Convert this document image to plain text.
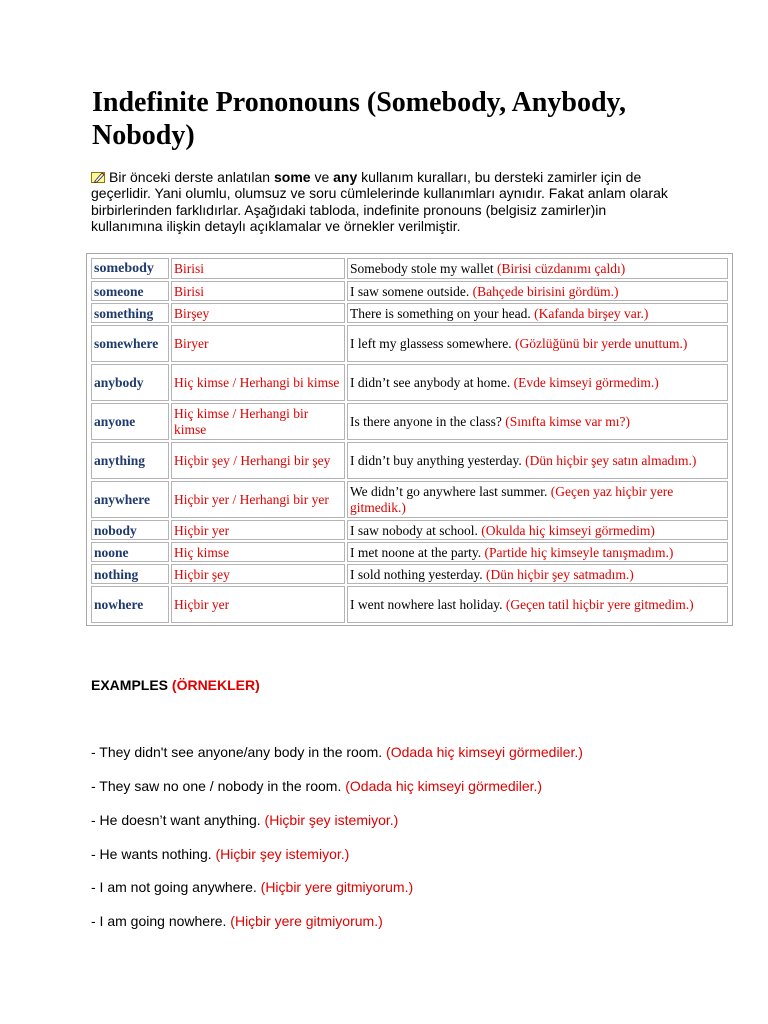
Indefinite Prononouns (Somebody, Anybody, Nobody)
Bir önceki derste anlatılan some ve any kullanım kuralları, bu dersteki zamirler için de geçerlidir. Yani olumlu, olumsuz ve soru cümlelerinde kullanımları aynıdır. Fakat anlam olarak birbirlerinden farklıdırlar. Aşağıdaki tabloda, indefinite pronouns (belgisiz zamirler)in kullanımına ilişkin detaylı açıklamalar ve örnekler verilmiştir.
somebody	Birisi	Somebody stole my wallet (Birisi cüzdanımı çaldı)
someone	Birisi	I saw somene outside. (Bahçede birisini gördüm.)
something	Birşey	There is something on your head. (Kafanda birşey var.)
somewhere	Biryer	I left my glassess somewhere. (Gözlüğünü bir yerde unuttum.)
anybody	Hiç kimse / Herhangi bi kimse	I didn’t see anybody at home. (Evde kimseyi görmedim.)
anyone	Hiç kimse / Herhangi bir kimse	Is there anyone in the class? (Sınıfta kimse var mı?)
anything	Hiçbir şey / Herhangi bir şey	I didn’t buy anything yesterday. (Dün hiçbir şey satın almadım.)
anywhere	Hiçbir yer / Herhangi bir yer	We didn’t go anywhere last summer. (Geçen yaz hiçbir yere gitmedik.)
nobody	Hiçbir yer	I saw nobody at school. (Okulda hiç kimseyi görmedim)
noone	Hiç kimse	I met noone at the party. (Partide hiç kimseyle tanışmadım.)
nothing	Hiçbir şey	I sold nothing yesterday. (Dün hiçbir şey satmadım.)
nowhere	Hiçbir yer	I went nowhere last holiday. (Geçen tatil hiçbir yere gitmedim.)
EXAMPLES (ÖRNEKLER)
- They didn't see anyone/any body in the room. (Odada hiç kimseyi görmediler.)
- They saw no one / nobody in the room. (Odada hiç kimseyi görmediler.)
- He doesn’t want anything. (Hiçbir şey istemiyor.)
- He wants nothing. (Hiçbir şey istemiyor.)
- I am not going anywhere. (Hiçbir yere gitmiyorum.)
- I am going nowhere. (Hiçbir yere gitmiyorum.)
